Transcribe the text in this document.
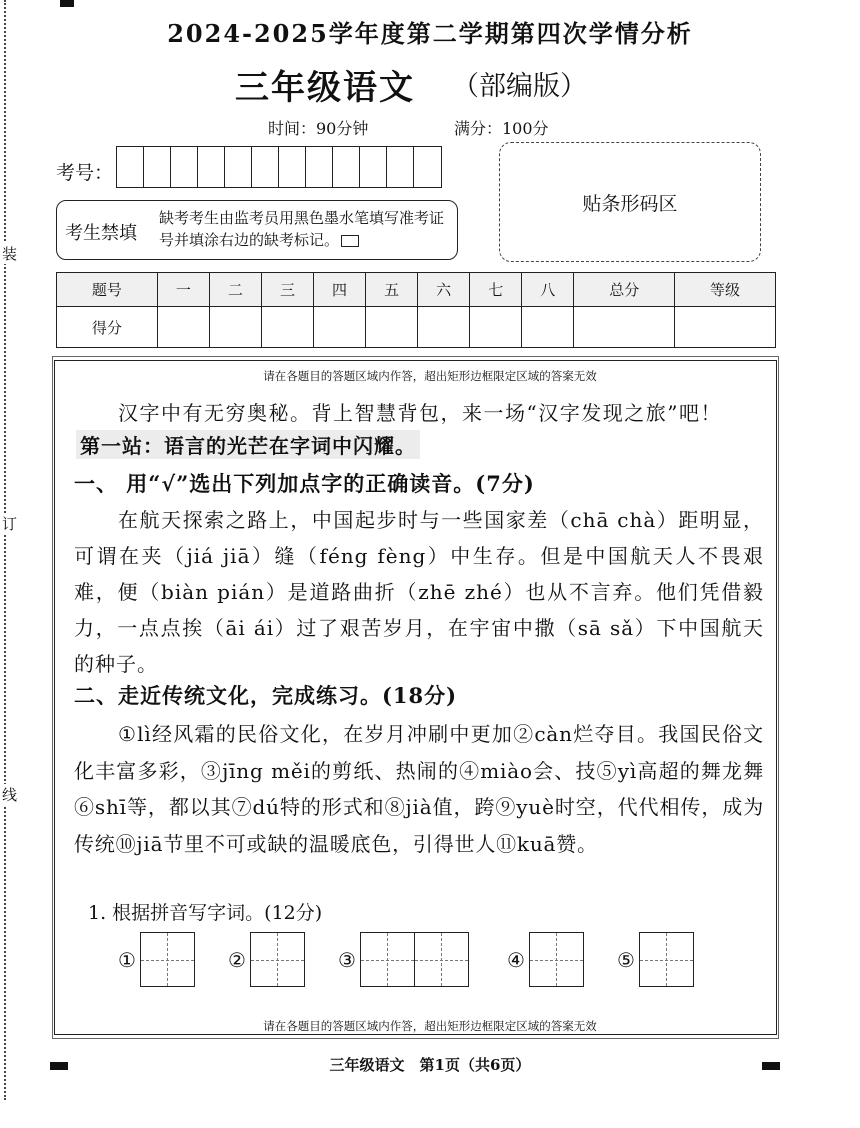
装
订
线
2024-2025学年度第二学期第四次学情分析
三年级语文 （部编版）
时间：90分钟	满分：100分
考号：
考生禁填
缺考考生由监考员用黑色墨水笔填写准考证号并填涂右边的缺考标记。
贴条形码区
题号	一	二	三	四	五	六	七	八	总分	等级
得分										
请在各题目的答题区域内作答，超出矩形边框限定区域的答案无效
汉字中有无穷奥秘。背上智慧背包，来一场“汉字发现之旅”吧！
第一站：语言的光芒在字词中闪耀。
一、 用“√”选出下列加点字的正确读音。(7分)
在航天探索之路上，中国起步时与一些国家差（chā chà）距明显，可谓在夹（jiá jiā）缝（féng fèng）中生存。但是中国航天人不畏艰难，便（biàn pián）是道路曲折（zhē zhé）也从不言弃。他们凭借毅力，一点点挨（āi ái）过了艰苦岁月，在宇宙中撒（sā sǎ）下中国航天的种子。
二、走近传统文化，完成练习。(18分)
①lì经风霜的民俗文化，在岁月冲刷中更加②càn烂夺目。我国民俗文化丰富多彩，③jīng měi的剪纸、热闹的④miào会、技⑤yì高超的舞龙舞⑥shī等，都以其⑦dú特的形式和⑧jià值，跨⑨yuè时空，代代相传，成为传统⑩jiā节里不可或缺的温暖底色，引得世人⑪kuā赞。
1. 根据拼音写字词。(12分)
①	②	③	④	⑤
请在各题目的答题区域内作答，超出矩形边框限定区域的答案无效
三年级语文　第1页（共6页）
